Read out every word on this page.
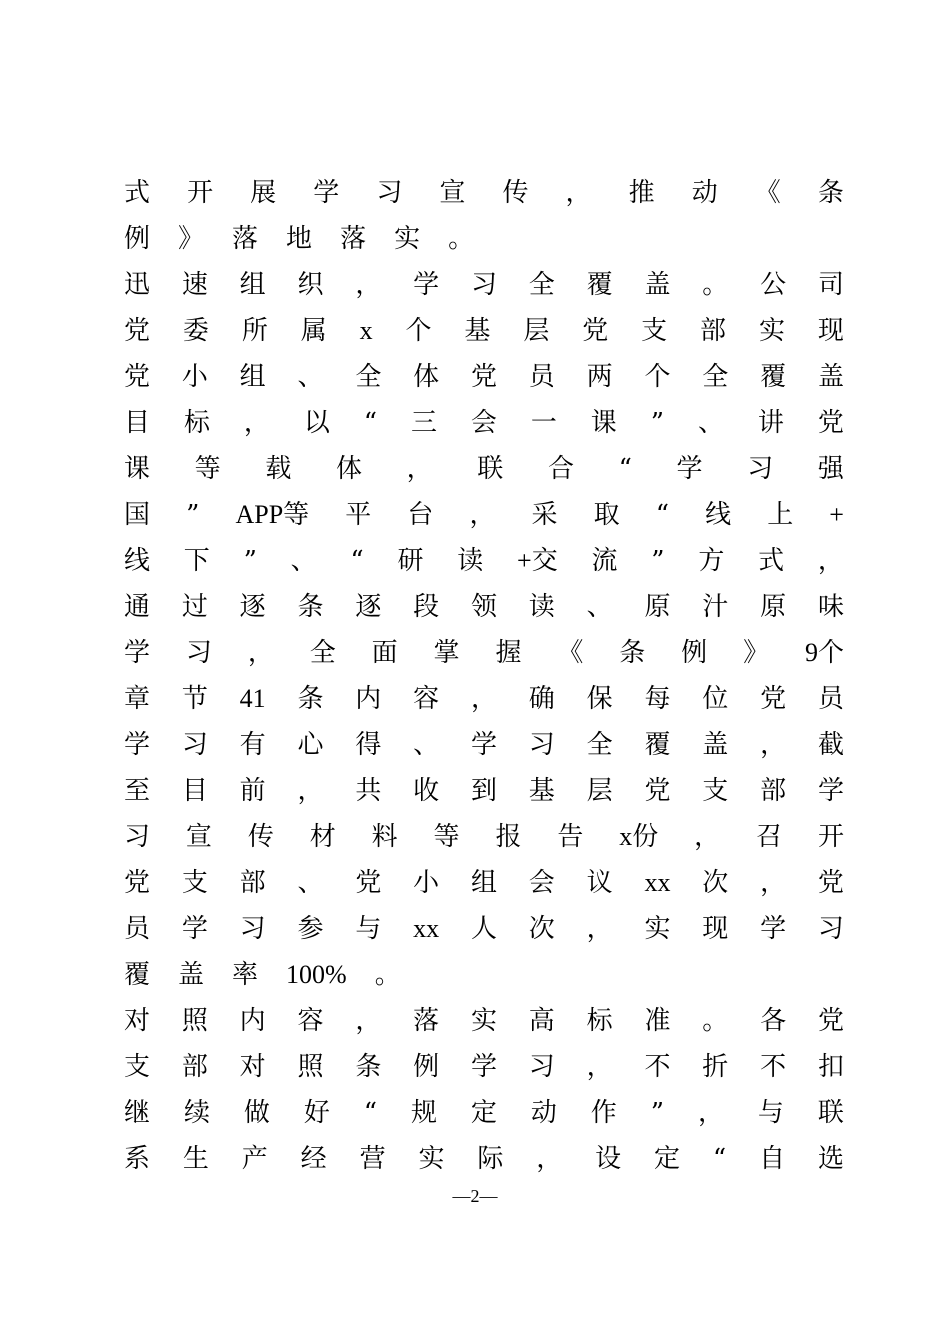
式 开 展 学 习 宣 传 ， 推 动 《 条
例 》 落 地 落 实 。
迅 速 组 织 ， 学 习 全 覆 盖 。 公 司
党 委 所 属 x 个 基 层 党 支 部 实 现
党 小 组 、 全 体 党 员 两 个 全 覆 盖
目 标 ， 以 “ 三 会 一 课 ” 、 讲 党
课 等 载 体 ， 联 合 “ 学 习 强
国 ” APP等 平 台 ， 采 取 “ 线 上 +
线 下 ” 、 “ 研 读 +交 流 ” 方 式 ，
通 过 逐 条 逐 段 领 读 、 原 汁 原 味
学 习 ， 全 面 掌 握 《 条 例 》 9个
章 节 41 条 内 容 ， 确 保 每 位 党 员
学 习 有 心 得 、 学 习 全 覆 盖 ， 截
至 目 前 ， 共 收 到 基 层 党 支 部 学
习 宣 传 材 料 等 报 告 x份 ， 召 开
党 支 部 、 党 小 组 会 议 xx 次 ， 党
员 学 习 参 与 xx 人 次 ， 实 现 学 习
覆 盖 率 100% 。
对 照 内 容 ， 落 实 高 标 准 。 各 党
支 部 对 照 条 例 学 习 ， 不 折 不 扣
继 续 做 好 “ 规 定 动 作 ” ， 与 联
系 生 产 经 营 实 际 ， 设 定 “ 自 选
—2—
